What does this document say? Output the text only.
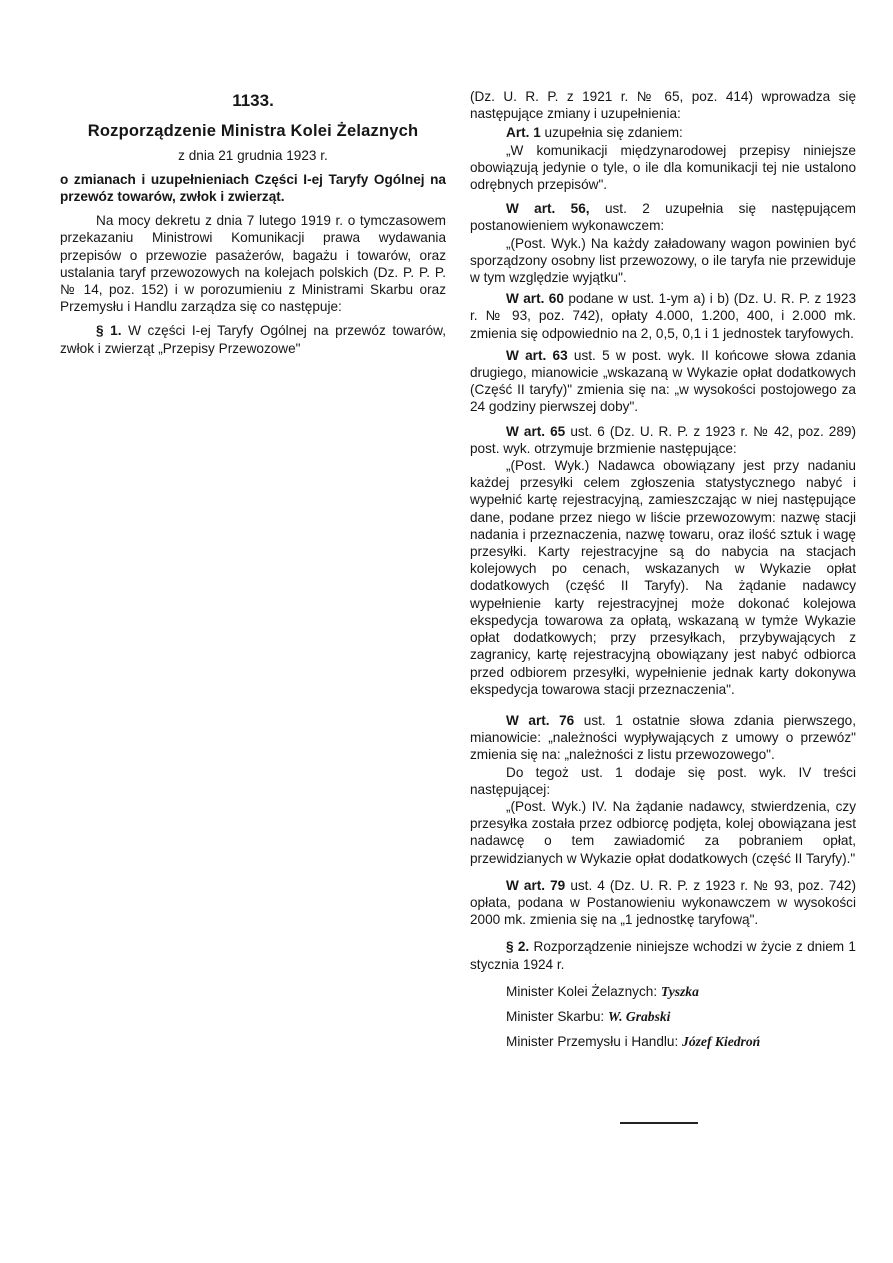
1133.

Rozporządzenie Ministra Kolei Żelaznych

z dnia 21 grudnia 1923 r.

o zmianach i uzupełnieniach Części I-ej Taryfy Ogólnej na przewóz towarów, zwłok i zwierząt.

Na mocy dekretu z dnia 7 lutego 1919 r. o tymczasowem przekazaniu Ministrowi Komunikacji prawa wydawania przepisów o przewozie pasażerów, bagażu i towarów, oraz ustalania taryf przewozowych na kolejach polskich (Dz. P. P. P. № 14, poz. 152) i w porozumieniu z Ministrami Skarbu oraz Przemysłu i Handlu zarządza się co następuje:

§ 1. W części I-ej Taryfy Ogólnej na przewóz towarów, zwłok i zwierząt „Przepisy Przewozowe"

(Dz. U. R. P. z 1921 r. № 65, poz. 414) wprowadza się następujące zmiany i uzupełnienia:

Art. 1 uzupełnia się zdaniem:

„W komunikacji międzynarodowej przepisy niniejsze obowiązują jedynie o tyle, o ile dla komunikacji tej nie ustalono odrębnych przepisów".

W art. 56, ust. 2 uzupełnia się następującem postanowieniem wykonawczem:

„(Post. Wyk.) Na każdy załadowany wagon powinien być sporządzony osobny list przewozowy, o ile taryfa nie przewiduje w tym względzie wyjątku".

W art. 60 podane w ust. 1-ym a) i b) (Dz. U. R. P. z 1923 r. № 93, poz. 742), opłaty 4.000, 1.200, 400, i 2.000 mk. zmienia się odpowiednio na 2, 0,5, 0,1 i 1 jednostek taryfowych.

W art. 63 ust. 5 w post. wyk. II końcowe słowa zdania drugiego, mianowicie „wskazaną w Wykazie opłat dodatkowych (Część II taryfy)" zmienia się na: „w wysokości postojowego za 24 godziny pierwszej doby".

W art. 65 ust. 6 (Dz. U. R. P. z 1923 r. № 42, poz. 289) post. wyk. otrzymuje brzmienie następujące:

„(Post. Wyk.) Nadawca obowiązany jest przy nadaniu każdej przesyłki celem zgłoszenia statystycznego nabyć i wypełnić kartę rejestracyjną, zamieszczając w niej następujące dane, podane przez niego w liście przewozowym: nazwę stacji nadania i przeznaczenia, nazwę towaru, oraz ilość sztuk i wagę przesyłki. Karty rejestracyjne są do nabycia na stacjach kolejowych po cenach, wskazanych w Wykazie opłat dodatkowych (część II Taryfy). Na żądanie nadawcy wypełnienie karty rejestracyjnej może dokonać kolejowa ekspedycja towarowa za opłatą, wskazaną w tymże Wykazie opłat dodatkowych; przy przesyłkach, przybywających z zagranicy, kartę rejestracyjną obowiązany jest nabyć odbiorca przed odbiorem przesyłki, wypełnienie jednak karty dokonywa ekspedycja towarowa stacji przeznaczenia".

W art. 76 ust. 1 ostatnie słowa zdania pierwszego, mianowicie: „należności wypływających z umowy o przewóz" zmienia się na: „należności z listu przewozowego".

Do tegoż ust. 1 dodaje się post. wyk. IV treści następującej:

„(Post. Wyk.) IV. Na żądanie nadawcy, stwierdzenia, czy przesyłka została przez odbiorcę podjęta, kolej obowiązana jest nadawcę o tem zawiadomić za pobraniem opłat, przewidzianych w Wykazie opłat dodatkowych (część II Taryfy)."

W art. 79 ust. 4 (Dz. U. R. P. z 1923 r. № 93, poz. 742) opłata, podana w Postanowieniu wykonawczem w wysokości 2000 mk. zmienia się na „1 jednostkę taryfową".

§ 2. Rozporządzenie niniejsze wchodzi w życie z dniem 1 stycznia 1924 r.

Minister Kolei Żelaznych: Tyszka

Minister Skarbu: W. Grabski

Minister Przemysłu i Handlu: Józef Kiedroń
